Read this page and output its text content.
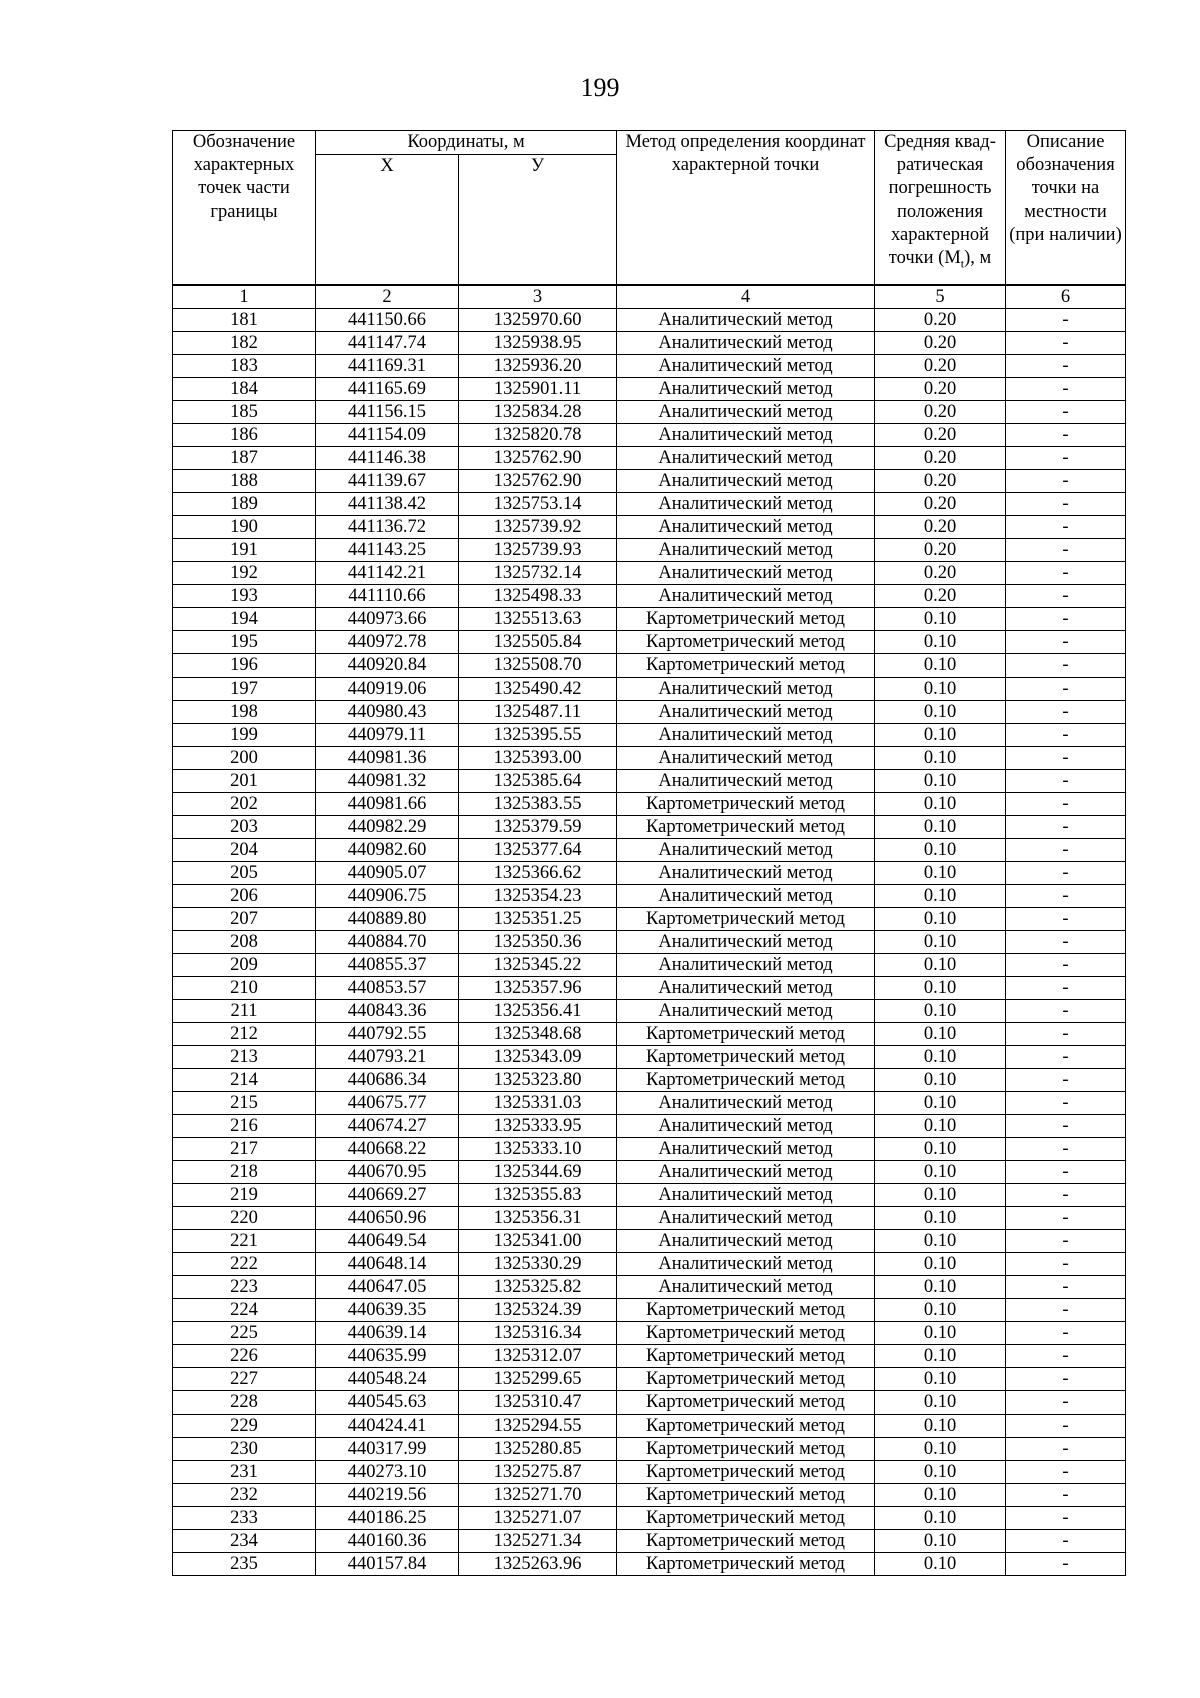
199
Обозначение характерных точек части границы	Координаты, м		Метод определения координат характерной точки	Средняя квадратическая погрешность положения характерной точки $(M_t)$, м	Описание обозначения точки на местности (при наличии)
	Х	У			
1	2	3	4	5	6
181	441150.66	1325970.60	Аналитический метод	0.20	-
182	441147.74	1325938.95	Аналитический метод	0.20	-
183	441169.31	1325936.20	Аналитический метод	0.20	-
184	441165.69	1325901.11	Аналитический метод	0.20	-
185	441156.15	1325834.28	Аналитический метод	0.20	-
186	441154.09	1325820.78	Аналитический метод	0.20	-
187	441146.38	1325762.90	Аналитический метод	0.20	-
188	441139.67	1325762.90	Аналитический метод	0.20	-
189	441138.42	1325753.14	Аналитический метод	0.20	-
190	441136.72	1325739.92	Аналитический метод	0.20	-
191	441143.25	1325739.93	Аналитический метод	0.20	-
192	441142.21	1325732.14	Аналитический метод	0.20	-
193	441110.66	1325498.33	Аналитический метод	0.20	-
194	440973.66	1325513.63	Картометрический метод	0.10	-
195	440972.78	1325505.84	Картометрический метод	0.10	-
196	440920.84	1325508.70	Картометрический метод	0.10	-
197	440919.06	1325490.42	Аналитический метод	0.10	-
198	440980.43	1325487.11	Аналитический метод	0.10	-
199	440979.11	1325395.55	Аналитический метод	0.10	-
200	440981.36	1325393.00	Аналитический метод	0.10	-
201	440981.32	1325385.64	Аналитический метод	0.10	-
202	440981.66	1325383.55	Картометрический метод	0.10	-
203	440982.29	1325379.59	Картометрический метод	0.10	-
204	440982.60	1325377.64	Аналитический метод	0.10	-
205	440905.07	1325366.62	Аналитический метод	0.10	-
206	440906.75	1325354.23	Аналитический метод	0.10	-
207	440889.80	1325351.25	Картометрический метод	0.10	-
208	440884.70	1325350.36	Аналитический метод	0.10	-
209	440855.37	1325345.22	Аналитический метод	0.10	-
210	440853.57	1325357.96	Аналитический метод	0.10	-
211	440843.36	1325356.41	Аналитический метод	0.10	-
212	440792.55	1325348.68	Картометрический метод	0.10	-
213	440793.21	1325343.09	Картометрический метод	0.10	-
214	440686.34	1325323.80	Картометрический метод	0.10	-
215	440675.77	1325331.03	Аналитический метод	0.10	-
216	440674.27	1325333.95	Аналитический метод	0.10	-
217	440668.22	1325333.10	Аналитический метод	0.10	-
218	440670.95	1325344.69	Аналитический метод	0.10	-
219	440669.27	1325355.83	Аналитический метод	0.10	-
220	440650.96	1325356.31	Аналитический метод	0.10	-
221	440649.54	1325341.00	Аналитический метод	0.10	-
222	440648.14	1325330.29	Аналитический метод	0.10	-
223	440647.05	1325325.82	Аналитический метод	0.10	-
224	440639.35	1325324.39	Картометрический метод	0.10	-
225	440639.14	1325316.34	Картометрический метод	0.10	-
226	440635.99	1325312.07	Картометрический метод	0.10	-
227	440548.24	1325299.65	Картометрический метод	0.10	-
228	440545.63	1325310.47	Картометрический метод	0.10	-
229	440424.41	1325294.55	Картометрический метод	0.10	-
230	440317.99	1325280.85	Картометрический метод	0.10	-
231	440273.10	1325275.87	Картометрический метод	0.10	-
232	440219.56	1325271.70	Картометрический метод	0.10	-
233	440186.25	1325271.07	Картометрический метод	0.10	-
234	440160.36	1325271.34	Картометрический метод	0.10	-
235	440157.84	1325263.96	Картометрический метод	0.10	-
